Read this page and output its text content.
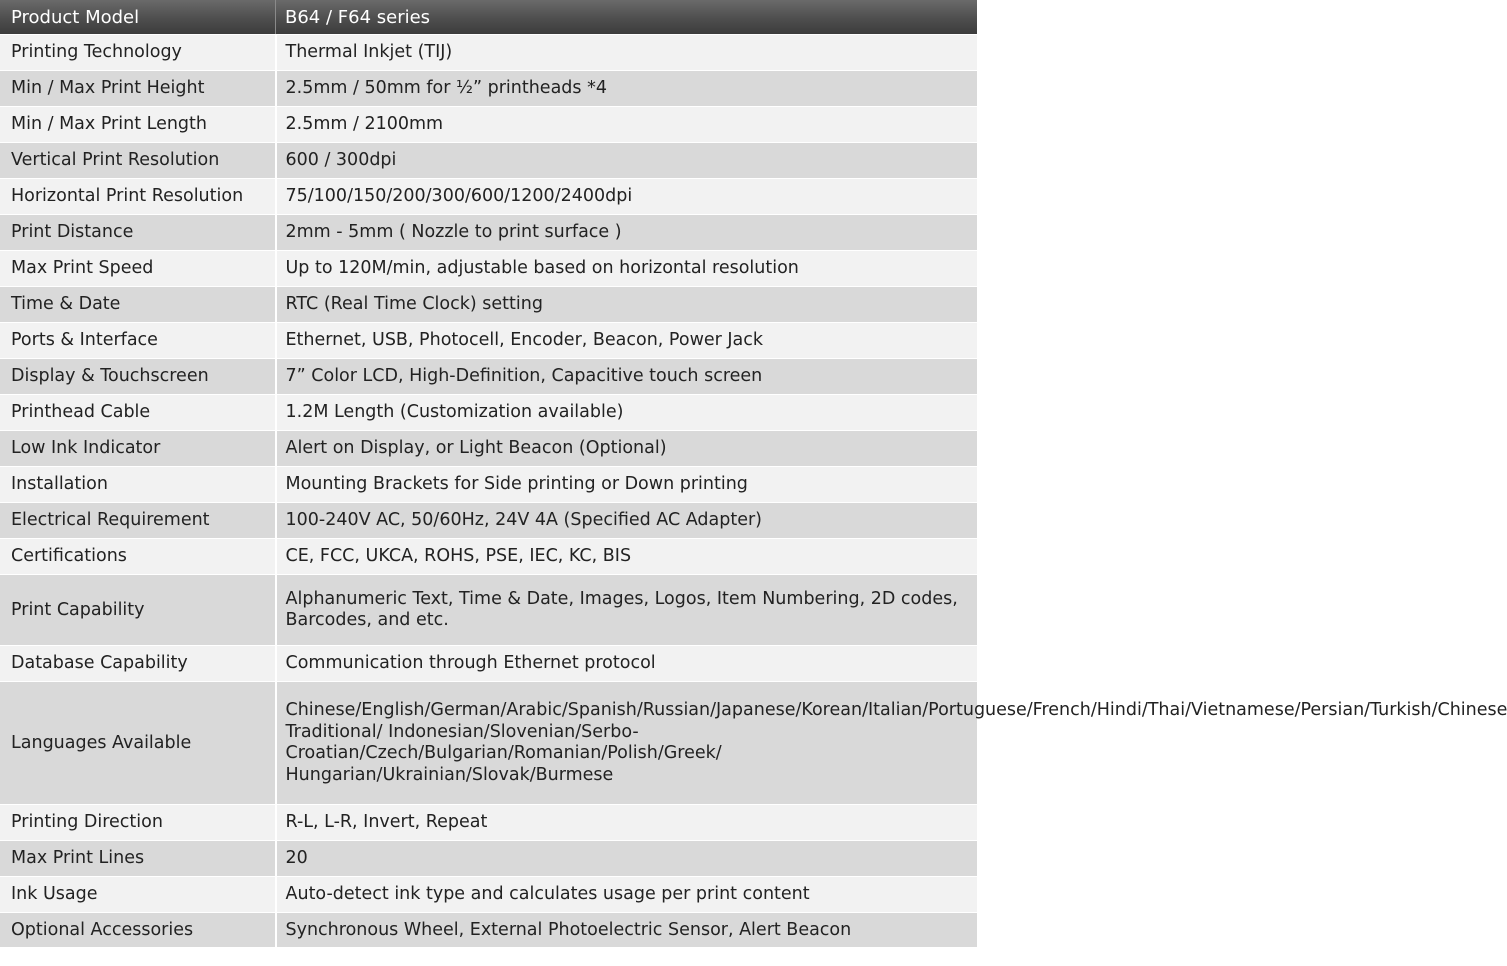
Product Model	B64 / F64 series
Printing Technology	Thermal Inkjet (TIJ)
Min / Max Print Height	2.5mm / 50mm for ½” printheads *4
Min / Max Print Length	2.5mm / 2100mm
Vertical Print Resolution	600 / 300dpi
Horizontal Print Resolution	75/100/150/200/300/600/1200/2400dpi
Print Distance	2mm - 5mm ( Nozzle to print surface )
Max Print Speed	Up to 120M/min, adjustable based on horizontal resolution
Time & Date	RTC (Real Time Clock) setting
Ports & Interface	Ethernet, USB, Photocell, Encoder, Beacon, Power Jack
Display & Touchscreen	7” Color LCD, High-Definition, Capacitive touch screen
Printhead Cable	1.2M Length (Customization available)
Low Ink Indicator	Alert on Display, or Light Beacon (Optional)
Installation	Mounting Brackets for Side printing or Down printing
Electrical Requirement	100-240V AC, 50/60Hz, 24V 4A (Specified AC Adapter)
Certifications	CE, FCC, UKCA, ROHS, PSE, IEC, KC, BIS
Print Capability	Alphanumeric Text, Time & Date, Images, Logos, Item Numbering, 2D codes, Barcodes, and etc.
Database Capability	Communication through Ethernet protocol
Languages Available	Chinese/English/German/Arabic/Spanish/Russian/Japanese/Korean/Italian/Portuguese/French/Hindi/Thai/Vietnamese/Persian/Turkish/Chinese Traditional/ Indonesian/Slovenian/Serbo-Croatian/Czech/Bulgarian/Romanian/Polish/Greek/ Hungarian/Ukrainian/Slovak/Burmese

Printing Direction	R-L, L-R, Invert, Repeat
Max Print Lines	20
Ink Usage	Auto-detect ink type and calculates usage per print content
Optional Accessories	Synchronous Wheel, External Photoelectric Sensor, Alert Beacon
